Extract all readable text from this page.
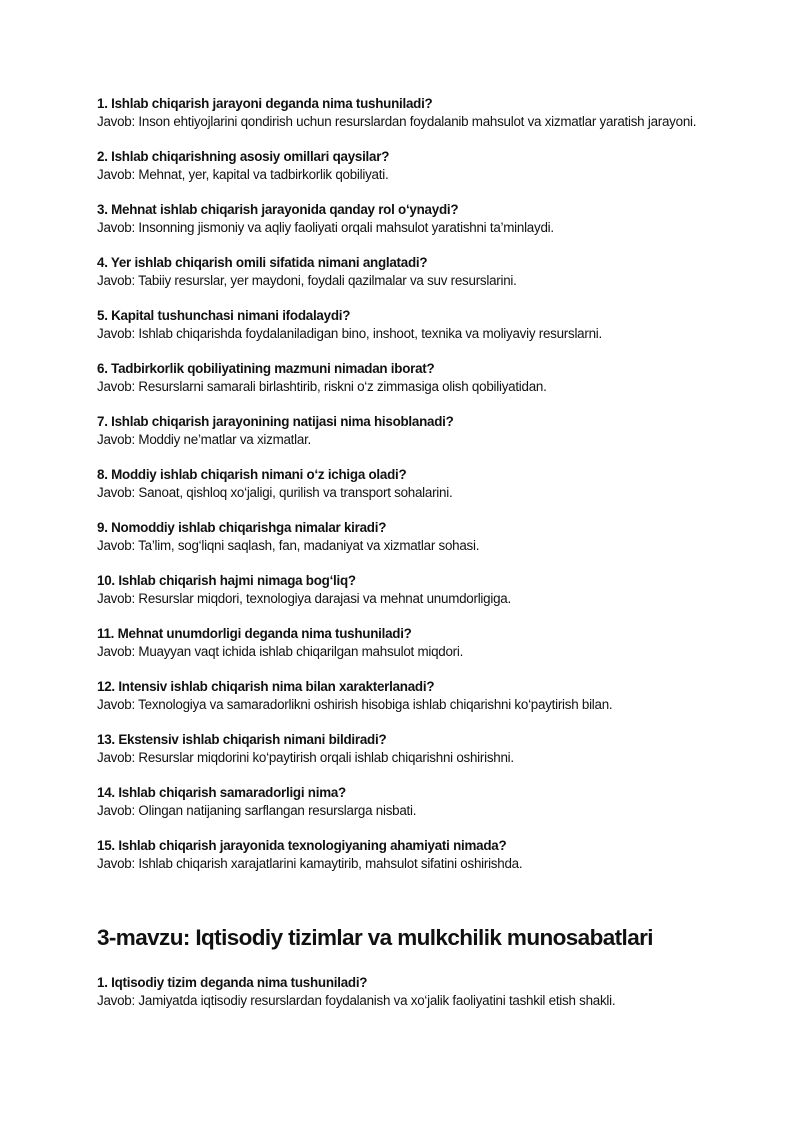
1. Ishlab chiqarish jarayoni deganda nima tushuniladi?
Javob: Inson ehtiyojlarini qondirish uchun resurslardan foydalanib mahsulot va xizmatlar yaratish jarayoni.
2. Ishlab chiqarishning asosiy omillari qaysilar?
Javob: Mehnat, yer, kapital va tadbirkorlik qobiliyati.
3. Mehnat ishlab chiqarish jarayonida qanday rol o‘ynaydi?
Javob: Insonning jismoniy va aqliy faoliyati orqali mahsulot yaratishni ta’minlaydi.
4. Yer ishlab chiqarish omili sifatida nimani anglatadi?
Javob: Tabiiy resurslar, yer maydoni, foydali qazilmalar va suv resurslarini.
5. Kapital tushunchasi nimani ifodalaydi?
Javob: Ishlab chiqarishda foydalaniladigan bino, inshoot, texnika va moliyaviy resurslarni.
6. Tadbirkorlik qobiliyatining mazmuni nimadan iborat?
Javob: Resurslarni samarali birlashtirib, riskni o‘z zimmasiga olish qobiliyatidan.
7. Ishlab chiqarish jarayonining natijasi nima hisoblanadi?
Javob: Moddiy ne’matlar va xizmatlar.
8. Moddiy ishlab chiqarish nimani o‘z ichiga oladi?
Javob: Sanoat, qishloq xo‘jaligi, qurilish va transport sohalarini.
9. Nomoddiy ishlab chiqarishga nimalar kiradi?
Javob: Ta’lim, sog‘liqni saqlash, fan, madaniyat va xizmatlar sohasi.
10. Ishlab chiqarish hajmi nimaga bog‘liq?
Javob: Resurslar miqdori, texnologiya darajasi va mehnat unumdorligiga.
11. Mehnat unumdorligi deganda nima tushuniladi?
Javob: Muayyan vaqt ichida ishlab chiqarilgan mahsulot miqdori.
12. Intensiv ishlab chiqarish nima bilan xarakterlanadi?
Javob: Texnologiya va samaradorlikni oshirish hisobiga ishlab chiqarishni ko‘paytirish bilan.
13. Ekstensiv ishlab chiqarish nimani bildiradi?
Javob: Resurslar miqdorini ko‘paytirish orqali ishlab chiqarishni oshirishni.
14. Ishlab chiqarish samaradorligi nima?
Javob: Olingan natijaning sarflangan resurslarga nisbati.
15. Ishlab chiqarish jarayonida texnologiyaning ahamiyati nimada?
Javob: Ishlab chiqarish xarajatlarini kamaytirib, mahsulot sifatini oshirishda.
3-mavzu: Iqtisodiy tizimlar va mulkchilik munosabatlari
1. Iqtisodiy tizim deganda nima tushuniladi?
Javob: Jamiyatda iqtisodiy resurslardan foydalanish va xo‘jalik faoliyatini tashkil etish shakli.
